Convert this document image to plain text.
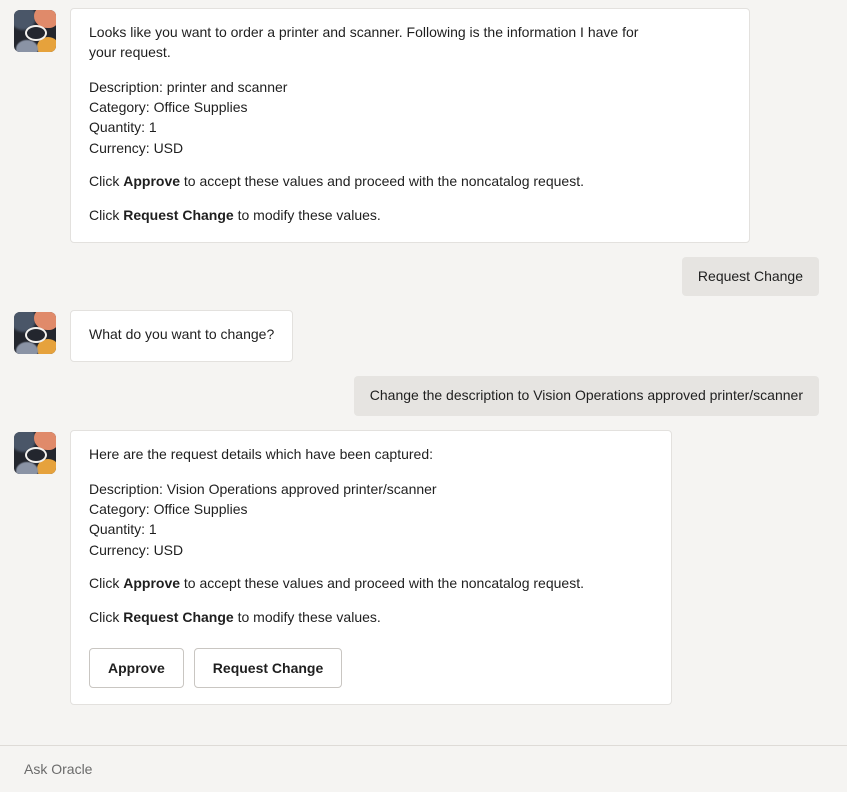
Looks like you want to order a printer and scanner. Following is the information I have for
your request.
Description: printer and scanner
Category: Office Supplies
Quantity: 1
Currency: USD
Click Approve to accept these values and proceed with the noncatalog request.
Click Request Change to modify these values.
Request Change
What do you want to change?
Change the description to Vision Operations approved printer/scanner
Here are the request details which have been captured:
Description: Vision Operations approved printer/scanner
Category: Office Supplies
Quantity: 1
Currency: USD
Click Approve to accept these values and proceed with the noncatalog request.
Click Request Change to modify these values.
Approve	Request Change
Ask Oracle
